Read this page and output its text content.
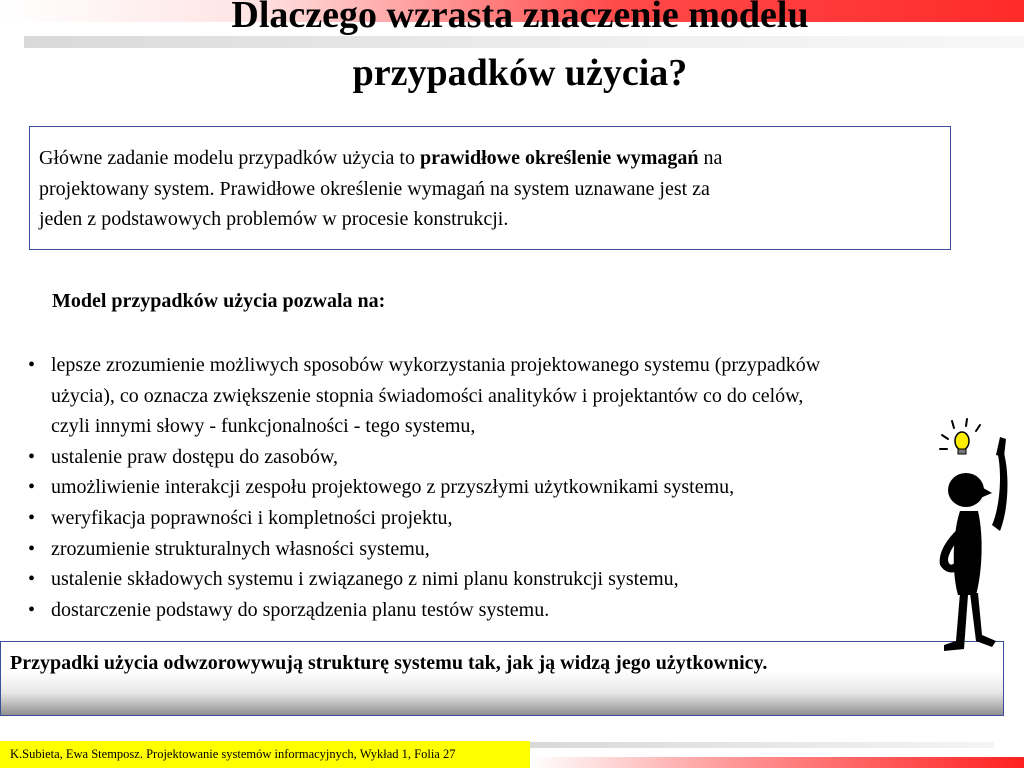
Dlaczego wzrasta znaczenie modelu
przypadków użycia?
Główne zadanie modelu przypadków użycia to prawidłowe określenie wymagań na
projektowany system. Prawidłowe określenie wymagań na system uznawane jest za
jeden z podstawowych problemów w procesie konstrukcji.
Model przypadków użycia pozwala na:
• lepsze zrozumienie możliwych sposobów wykorzystania projektowanego systemu (przypadków
użycia), co oznacza zwiększenie stopnia świadomości analityków i projektantów co do celów,
czyli innymi słowy - funkcjonalności - tego systemu,
• ustalenie praw dostępu do zasobów,
• umożliwienie interakcji zespołu projektowego z przyszłymi użytkownikami systemu,
• weryfikacja poprawności i kompletności projektu,
• zrozumienie strukturalnych własności systemu,
• ustalenie składowych systemu i związanego z nimi planu konstrukcji systemu,
• dostarczenie podstawy do sporządzenia planu testów systemu.
Przypadki użycia odwzorowywują strukturę systemu tak, jak ją widzą jego użytkownicy.
K.Subieta, Ewa Stemposz. Projektowanie systemów informacyjnych, Wykład 1, Folia 27
